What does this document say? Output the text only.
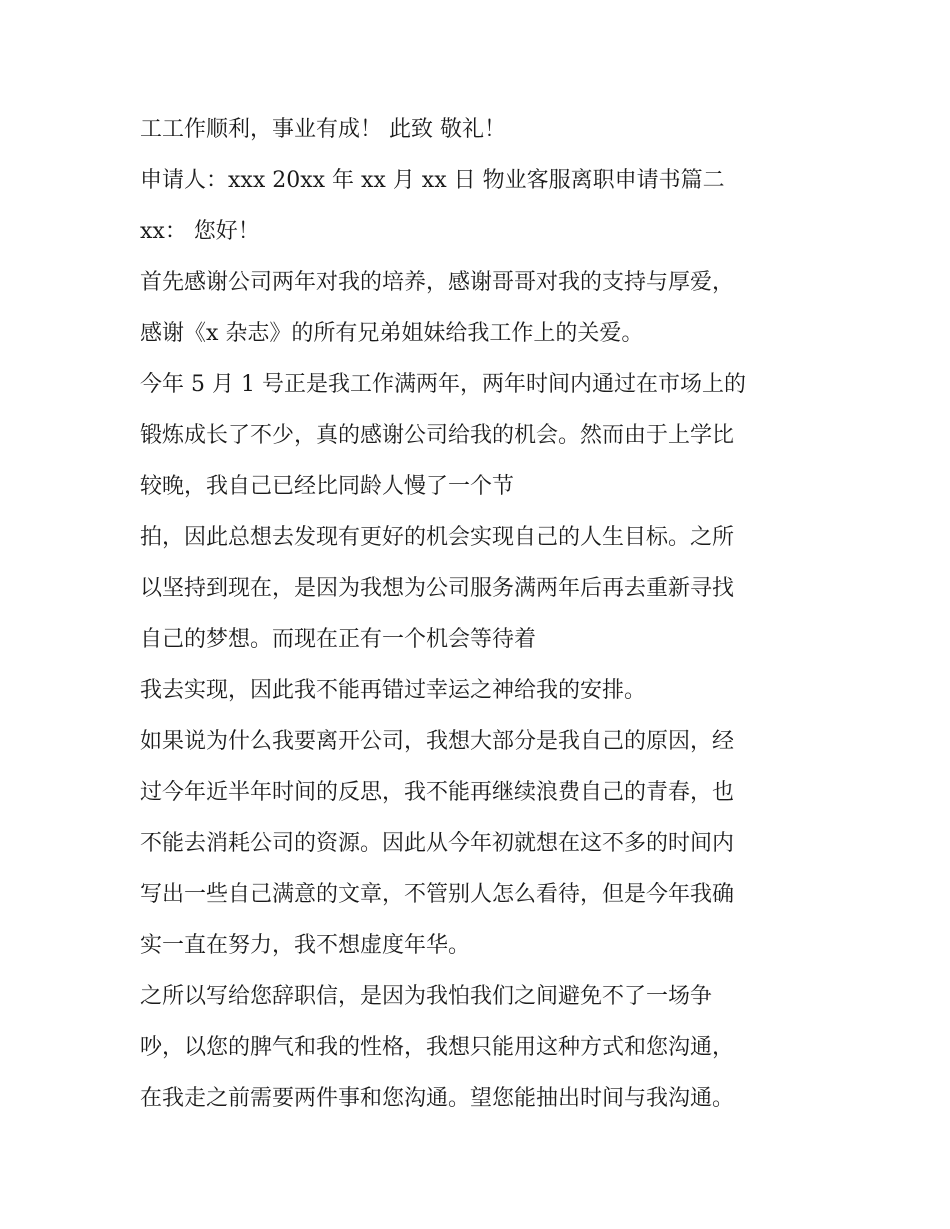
工工作顺利，事业有成！ 此致 敬礼！
申请人：xxx 20xx 年 xx 月 xx 日 物业客服离职申请书篇二
xx： 您好！
首先感谢公司两年对我的培养，感谢哥哥对我的支持与厚爱，
感谢《x 杂志》的所有兄弟姐妹给我工作上的关爱。
今年 5 月 1 号正是我工作满两年，两年时间内通过在市场上的
锻炼成长了不少，真的感谢公司给我的机会。然而由于上学比
较晚，我自己已经比同龄人慢了一个节
拍，因此总想去发现有更好的机会实现自己的人生目标。之所
以坚持到现在，是因为我想为公司服务满两年后再去重新寻找
自己的梦想。而现在正有一个机会等待着
我去实现，因此我不能再错过幸运之神给我的安排。
如果说为什么我要离开公司，我想大部分是我自己的原因，经
过今年近半年时间的反思，我不能再继续浪费自己的青春，也
不能去消耗公司的资源。因此从今年初就想在这不多的时间内
写出一些自己满意的文章，不管别人怎么看待，但是今年我确
实一直在努力，我不想虚度年华。
之所以写给您辞职信，是因为我怕我们之间避免不了一场争
吵，以您的脾气和我的性格，我想只能用这种方式和您沟通，
在我走之前需要两件事和您沟通。望您能抽出时间与我沟通。
